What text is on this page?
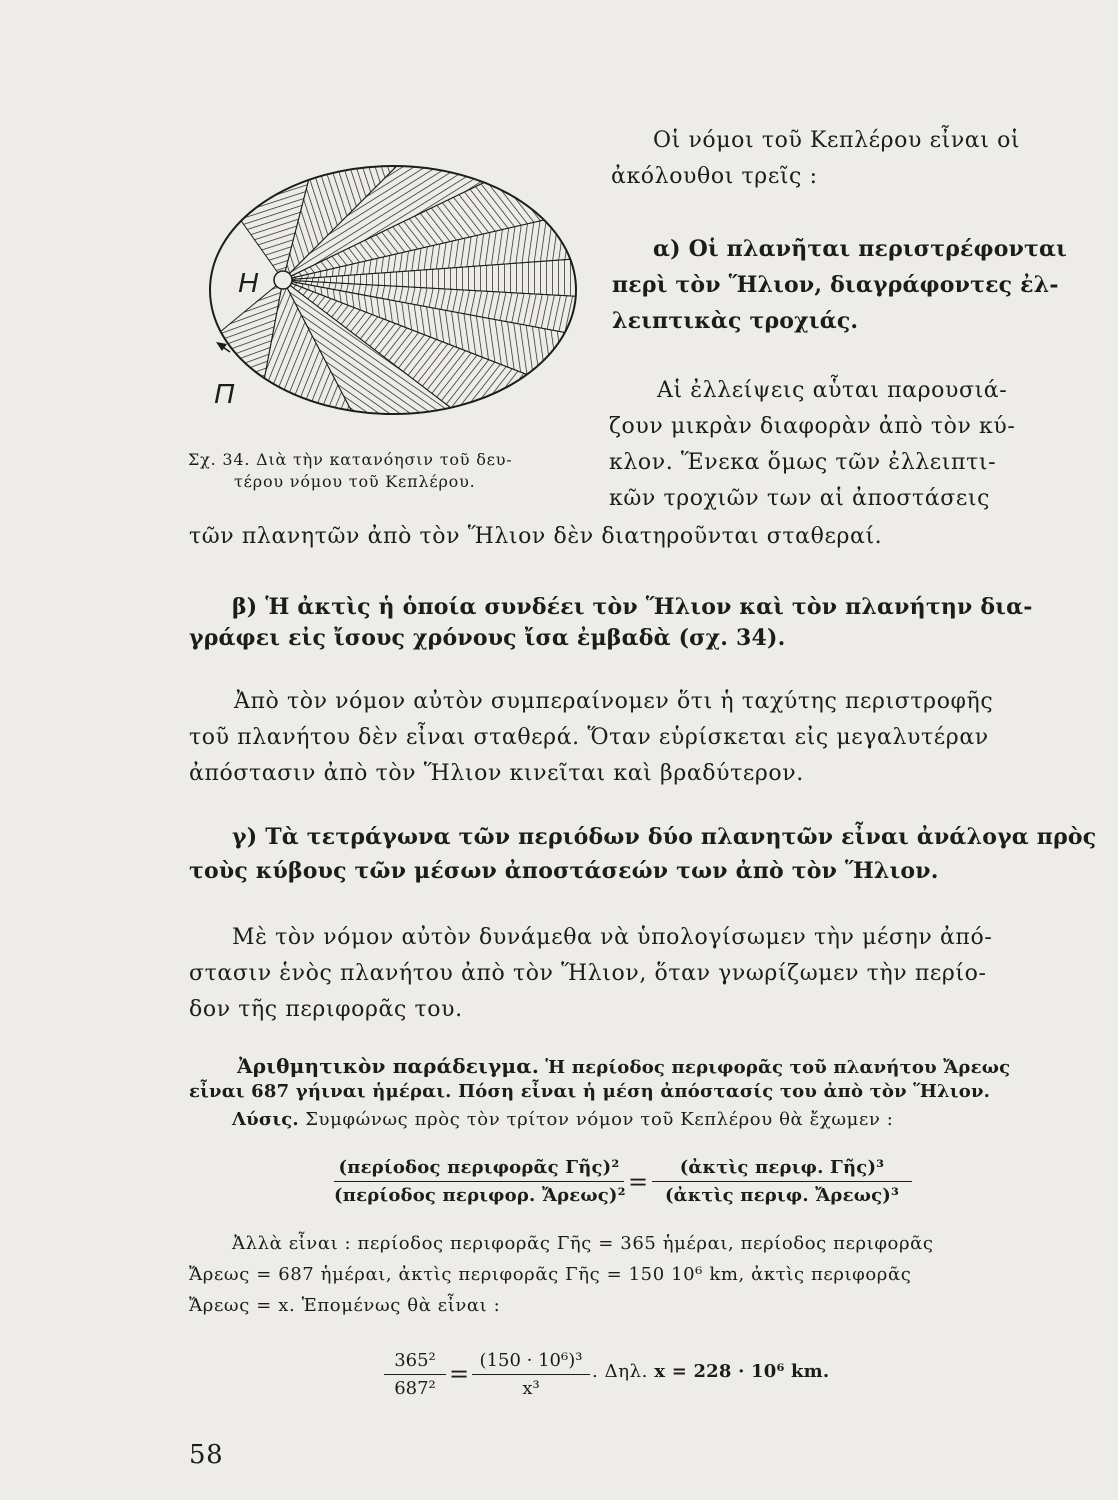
Η
Π
Σχ. 34. Διὰ τὴν κατανόησιν τοῦ δευ-
τέρου νόμου τοῦ Κεπλέρου.
Οἱ νόμοι τοῦ Κεπλέρου εἶναι οἱ
ἀκόλουθοι τρεῖς :
α) Οἱ πλανῆται περιστρέφονται
περὶ τὸν Ἥλιον, διαγράφοντες ἐλ-
λειπτικὰς τροχιάς.
Αἱ ἐλλείψεις αὗται παρουσιά-
ζουν μικρὰν διαφορὰν ἀπὸ τὸν κύ-
κλον. Ἕνεκα ὅμως τῶν ἐλλειπτι-
κῶν τροχιῶν των αἱ ἀποστάσεις
τῶν πλανητῶν ἀπὸ τὸν Ἥλιον δὲν διατηροῦνται σταθεραί.
β) Ἡ ἀκτὶς ἡ ὁποία συνδέει τὸν Ἥλιον καὶ τὸν πλανήτην δια-
γράφει εἰς ἴσους χρόνους ἴσα ἐμβαδὰ (σχ. 34).
Ἀπὸ τὸν νόμον αὐτὸν συμπεραίνομεν ὅτι ἡ ταχύτης περιστροφῆς
τοῦ πλανήτου δὲν εἶναι σταθερά. Ὅταν εὑρίσκεται εἰς μεγαλυτέραν
ἀπόστασιν ἀπὸ τὸν Ἥλιον κινεῖται καὶ βραδύτερον.
γ) Τὰ τετράγωνα τῶν περιόδων δύο πλανητῶν εἶναι ἀνάλογα πρὸς
τοὺς κύβους τῶν μέσων ἀποστάσεών των ἀπὸ τὸν Ἥλιον.
Μὲ τὸν νόμον αὐτὸν δυνάμεθα νὰ ὑπολογίσωμεν τὴν μέσην ἀπό-
στασιν ἑνὸς πλανήτου ἀπὸ τὸν Ἥλιον, ὅταν γνωρίζωμεν τὴν περίο-
δον τῆς περιφορᾶς του.
Ἀριθμητικὸν παράδειγμα. Ἡ περίοδος περιφορᾶς τοῦ πλανήτου Ἄρεως
εἶναι 687 γήιναι ἡμέραι. Πόση εἶναι ἡ μέση ἀπόστασίς του ἀπὸ τὸν Ἥλιον.
Λύσις. Συμφώνως πρὸς τὸν τρίτον νόμον τοῦ Κεπλέρου θὰ ἔχωμεν :
(περίοδος περιφορᾶς Γῆς)²
(περίοδος περιφορ. Ἄρεως)² =
(ἀκτὶς περιφ. Γῆς)³
(ἀκτὶς περιφ. Ἄρεως)³
Ἀλλὰ εἶναι : περίοδος περιφορᾶς Γῆς = 365 ἡμέραι, περίοδος περιφορᾶς
Ἄρεως = 687 ἡμέραι, ἀκτὶς περιφορᾶς Γῆς = 150 10⁶ km, ἀκτὶς περιφορᾶς
Ἄρεως = x. Ἑπομένως θὰ εἶναι :
365²
687²
= (150 · 10⁶)³
x³
. Δηλ. x = 228 · 10⁶ km.
58
